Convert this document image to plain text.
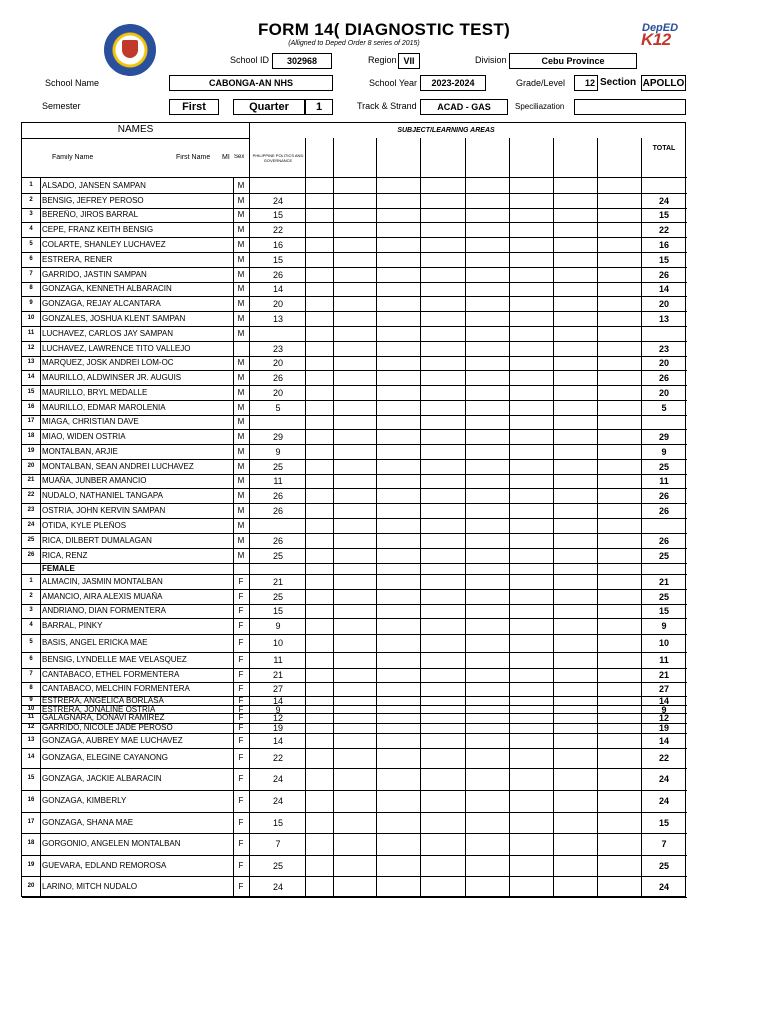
FORM 14( DIAGNOSTIC TEST)
(Alligned to Deped Order 8 series of 2015)
DepED
K12
School ID	302968	Region VII	Division	Cebu Province
School Name	CABONGA-AN NHS	School Year	2023-2024	Grade/Level	12 Section APOLLO
Semester	First	Quarter	1	Track & Strand	ACAD - GAS	Speciliazation
NAMES	SUBJECT/LEARNING AREAS
Family Name	First Name MI Sex PHILIPPINE POLITICS AND GOVERNANCE
TOTAL
1	ALSADO, JANSEN SAMPAN	M
2	BENSIG, JEFREY PEROSO	M	24	24
3	BEREÑO, JIROS BARRAL	M	15	15
4	CEPE, FRANZ KEITH BENSIG	M	22	22
5	COLARTE, SHANLEY LUCHAVEZ	M	16	16
6	ESTRERA, RENER	M	15	15
7	GARRIDO, JASTIN SAMPAN	M	26	26
8	GONZAGA, KENNETH ALBARACIN	M	14	14
9	GONZAGA, REJAY ALCANTARA	M	20	20
10 GONZALES, JOSHUA KLENT SAMPAN	M	13	13
11 LUCHAVEZ, CARLOS JAY SAMPAN	M
12 LUCHAVEZ, LAWRENCE TITO VALLEJO	23	23
13 MARQUEZ, JOSK ANDREI LOM-OC	M	20	20
14 MAURILLO, ALDWINSER JR. AUGUIS	M	26	26
15 MAURILLO, BRYL MEDALLE	M	20	20
16 MAURILLO, EDMAR MAROLENIA	M	5	5
17 MIAGA, CHRISTIAN DAVE	M
18 MIAO, WIDEN OSTRIA	M	29	29
19 MONTALBAN, ARJIE	M	9	9
20 MONTALBAN, SEAN ANDREI LUCHAVEZ	M	25	25
21 MUAÑA, JUNBER AMANCIO	M	11	11
22 NUDALO, NATHANIEL TANGAPA	M	26	26
23 OSTRIA, JOHN KERVIN SAMPAN	M	26	26
24 OTIDA, KYLE PLEÑOS	M
25 RICA, DILBERT DUMALAGAN	M	26	26
26 RICA, RENZ	M	25	25
FEMALE
1	ALMACIN, JASMIN MONTALBAN	F	21	21
2	AMANCIO, AIRA ALEXIS MUAÑA	F	25	25
3	ANDRIANO, DIAN FORMENTERA	F	15	15
4	BARRAL, PINKY	F	9	9
5	BASIS, ANGEL ERICKA MAE	F	10	10
6	BENSIG, LYNDELLE MAE VELASQUEZ	F	11	11
7	CANTABACO, ETHEL FORMENTERA	F	21	21
8	CANTABACO, MELCHIN FORMENTERA	F	27	27
9	ESTRERA, ANGELICA BORLASA	F	14	14
10 ESTRERA, JONALINE OSTRIA	F	9	9
11 GALAGNARA, DONAVI RAMIREZ	F	12	12
12 GARRIDO, NICOLE JADE PEROSO	F	19	19
13 GONZAGA, AUBREY MAE LUCHAVEZ	F	14	14
14 GONZAGA, ELEGINE CAYANONG	F	22	22
15 GONZAGA, JACKIE ALBARACIN	F	24	24
16 GONZAGA, KIMBERLY	F	24	24
17 GONZAGA, SHANA MAE	F	15	15
18 GORGONIO, ANGELEN MONTALBAN	F	7	7
19 GUEVARA, EDLAND REMOROSA	F	25	25
20 LARINO, MITCH NUDALO	F	24	24
